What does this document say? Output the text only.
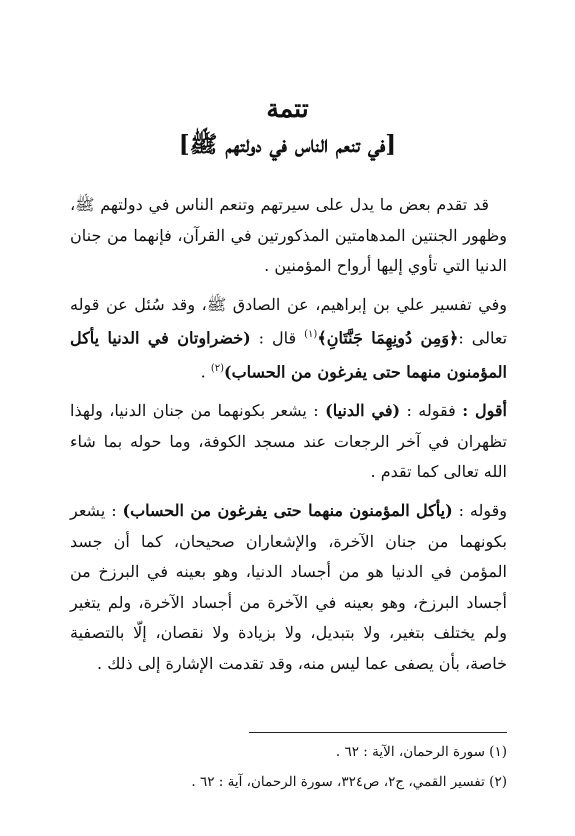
تتمة
[في تنعم الناس في دولتهم ﷺ]

قد تقدم بعض ما يدل على سيرتهم وتنعم الناس في دولتهم ﷺ، وظهور الجنتين المدهامتين المذكورتين في القرآن، فإنهما من جنان الدنيا التي تأوي إليها أرواح المؤمنين .

وفي تفسير علي بن إبراهيم، عن الصادق ﷺ، وقد سُئل عن قوله تعالى :﴿وَمِن دُونِهِمَا جَنَّتَانِ﴾$^{(١)}$ قال : (خضراوتان في الدنيا يأكل المؤمنون منهما حتى يفرغون من الحساب)$^{(٢)}$ .

أقول : فقوله : (في الدنيا) : يشعر بكونهما من جنان الدنيا، ولهذا تظهران في آخر الرجعات عند مسجد الكوفة، وما حوله بما شاء الله تعالى كما تقدم .

وقوله : (يأكل المؤمنون منهما حتى يفرغون من الحساب) : يشعر بكونهما من جنان الآخرة، والإشعاران صحيحان، كما أن جسد المؤمن في الدنيا هو من أجساد الدنيا، وهو بعينه في البرزخ من أجساد البرزخ، وهو بعينه في الآخرة من أجساد الآخرة، ولم يتغير ولم يختلف بتغير، ولا بتبديل، ولا بزيادة ولا نقصان، إلّا بالتصفية خاصة، بأن يصفى عما ليس منه، وقد تقدمت الإشارة إلى ذلك .

(١) سورة الرحمان، الآية : ٦٢ .
(٢) تفسير القمي، ج٢، ص٣٢٤، سورة الرحمان، آية : ٦٢ .
